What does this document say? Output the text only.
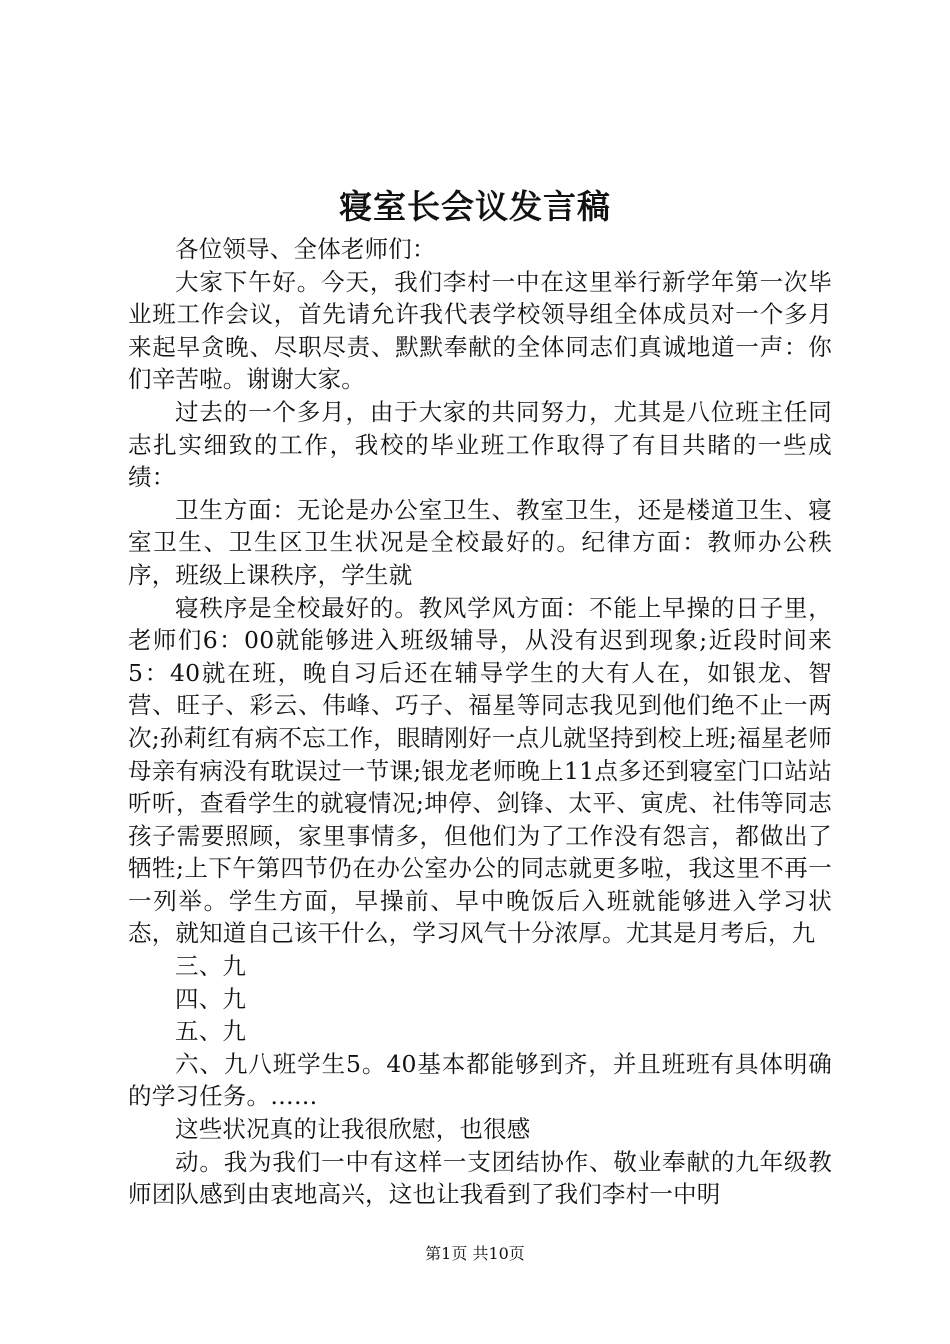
寝室长会议发言稿

各位领导、全体老师们：

大家下午好。今天，我们李村一中在这里举行新学年第一次毕业班工作会议，首先请允许我代表学校领导组全体成员对一个多月来起早贪晚、尽职尽责、默默奉献的全体同志们真诚地道一声：你们辛苦啦。谢谢大家。

过去的一个多月，由于大家的共同努力，尤其是八位班主任同志扎实细致的工作，我校的毕业班工作取得了有目共睹的一些成绩：

卫生方面：无论是办公室卫生、教室卫生，还是楼道卫生、寝室卫生、卫生区卫生状况是全校最好的。纪律方面：教师办公秩序，班级上课秩序，学生就

寝秩序是全校最好的。教风学风方面：不能上早操的日子里，老师们6：00就能够进入班级辅导，从没有迟到现象;近段时间来5：40就在班，晚自习后还在辅导学生的大有人在，如银龙、智营、旺子、彩云、伟峰、巧子、福星等同志我见到他们绝不止一两次;孙莉红有病不忘工作，眼睛刚好一点儿就坚持到校上班;福星老师母亲有病没有耽误过一节课;银龙老师晚上11点多还到寝室门口站站听听，查看学生的就寝情况;坤停、剑锋、太平、寅虎、社伟等同志孩子需要照顾，家里事情多，但他们为了工作没有怨言，都做出了牺牲;上下午第四节仍在办公室办公的同志就更多啦，我这里不再一一列举。学生方面，早操前、早中晚饭后入班就能够进入学习状态，就知道自己该干什么，学习风气十分浓厚。尤其是月考后，九

三、九

四、九

五、九

六、九八班学生5。40基本都能够到齐，并且班班有具体明确的学习任务。……

这些状况真的让我很欣慰，也很感

动。我为我们一中有这样一支团结协作、敬业奉献的九年级教师团队感到由衷地高兴，这也让我看到了我们李村一中明

第1页 共10页
